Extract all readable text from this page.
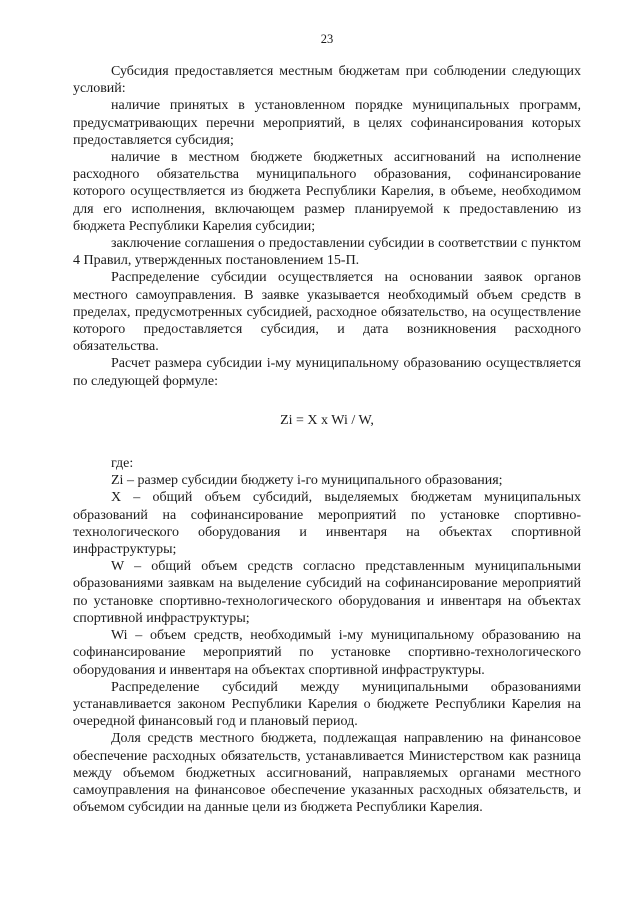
23

Субсидия предоставляется местным бюджетам при соблюдении следующих условий:

наличие принятых в установленном порядке муниципальных программ, предусматривающих перечни мероприятий, в целях софинансирования которых предоставляется субсидия;

наличие в местном бюджете бюджетных ассигнований на исполнение расходного обязательства муниципального образования, софинансирование которого осуществляется из бюджета Республики Карелия, в объеме, необходимом для его исполнения, включающем размер планируемой к предоставлению из бюджета Республики Карелия субсидии;

заключение соглашения о предоставлении субсидии в соответствии с пунктом 4 Правил, утвержденных постановлением 15-П.

Распределение субсидии осуществляется на основании заявок органов местного самоуправления. В заявке указывается необходимый объем средств в пределах, предусмотренных субсидией, расходное обязательство, на осуществление которого предоставляется субсидия, и дата возникновения расходного обязательства.

Расчет размера субсидии i-му муниципальному образованию осуществляется по следующей формуле:

Zi = X x Wi / W,

где:

Zi – размер субсидии бюджету i-го муниципального образования;

X – общий объем субсидий, выделяемых бюджетам муниципальных образований на софинансирование мероприятий по установке спортивно-технологического оборудования и инвентаря на объектах спортивной инфраструктуры;

W – общий объем средств согласно представленным муниципальными образованиями заявкам на выделение субсидий на софинансирование мероприятий по установке спортивно-технологического оборудования и инвентаря на объектах спортивной инфраструктуры;

Wi – объем средств, необходимый i-му муниципальному образованию на софинансирование мероприятий по установке спортивно-технологического оборудования и инвентаря на объектах спортивной инфраструктуры.

Распределение субсидий между муниципальными образованиями устанавливается законом Республики Карелия о бюджете Республики Карелия на очередной финансовый год и плановый период.

Доля средств местного бюджета, подлежащая направлению на финансовое обеспечение расходных обязательств, устанавливается Министерством как разница между объемом бюджетных ассигнований, направляемых органами местного самоуправления на финансовое обеспечение указанных расходных обязательств, и объемом субсидии на данные цели из бюджета Республики Карелия.
